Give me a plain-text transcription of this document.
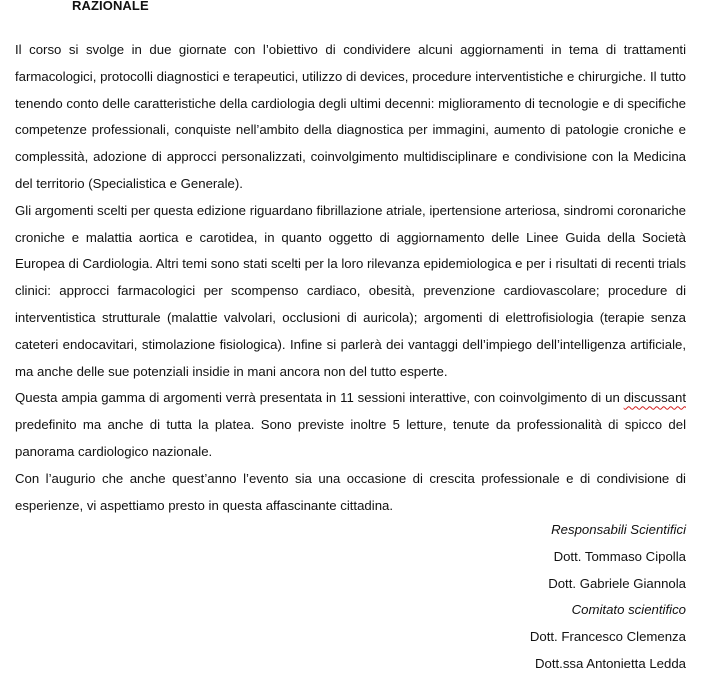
RAZIONALE

Il corso si svolge in due giornate con l’obiettivo di condividere alcuni aggiornamenti in tema di trattamenti farmacologici, protocolli diagnostici e terapeutici, utilizzo di devices, procedure interventistiche e chirurgiche. Il tutto tenendo conto delle caratteristiche della cardiologia degli ultimi decenni: miglioramento di tecnologie e di specifiche competenze professionali, conquiste nell’ambito della diagnostica per immagini, aumento di patologie croniche e complessità, adozione di approcci personalizzati, coinvolgimento multidisciplinare e condivisione con la Medicina del territorio (Specialistica e Generale).

Gli argomenti scelti per questa edizione riguardano fibrillazione atriale, ipertensione arteriosa, sindromi coronariche croniche e malattia aortica e carotidea, in quanto oggetto di aggiornamento delle Linee Guida della Società Europea di Cardiologia. Altri temi sono stati scelti per la loro rilevanza epidemiologica e per i risultati di recenti trials clinici: approcci farmacologici per scompenso cardiaco, obesità, prevenzione cardiovascolare; procedure di interventistica strutturale (malattie valvolari, occlusioni di auricola); argomenti di elettrofisiologia (terapie senza cateteri endocavitari, stimolazione fisiologica). Infine si parlerà dei vantaggi dell’impiego dell’intelligenza artificiale, ma anche delle sue potenziali insidie in mani ancora non del tutto esperte.

Questa ampia gamma di argomenti verrà presentata in 11 sessioni interattive, con coinvolgimento di un discussant predefinito ma anche di tutta la platea. Sono previste inoltre 5 letture, tenute da professionalità di spicco del panorama cardiologico nazionale.

Con l’augurio che anche quest’anno l’evento sia una occasione di crescita professionale e di condivisione di esperienze, vi aspettiamo presto in questa affascinante cittadina.

Responsabili Scientifici
Dott. Tommaso Cipolla
Dott. Gabriele Giannola
Comitato scientifico
Dott. Francesco Clemenza
Dott.ssa Antonietta Ledda
